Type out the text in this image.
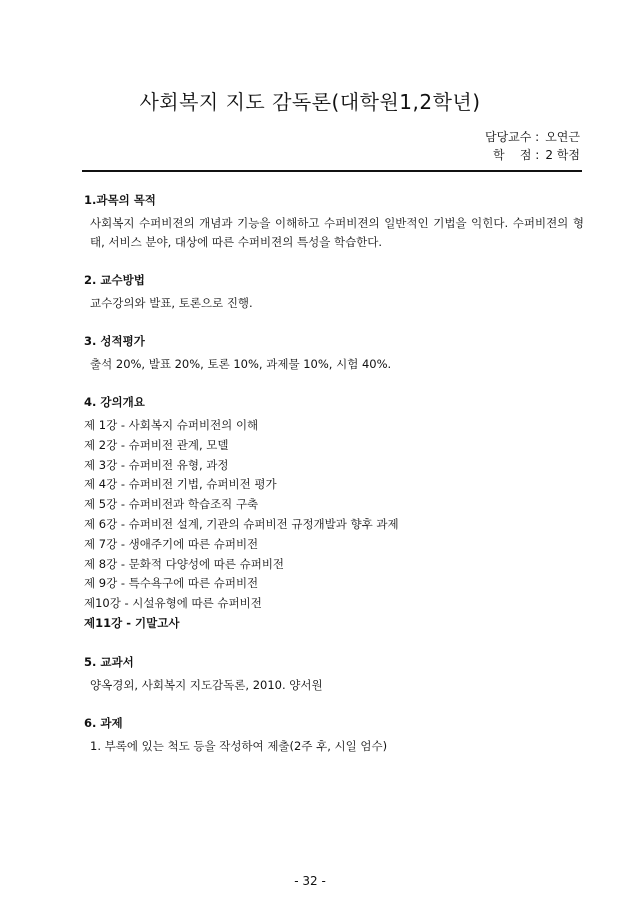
사회복지 지도 감독론(대학원1,2학년)
담당교수 : 오연근
학    점 : 2 학점
1.과목의 목적
사회복지 수퍼비젼의 개념과 기능을 이해하고 수퍼비젼의 일반적인 기법을 익힌다. 수퍼비젼의 형태, 서비스 분야, 대상에 따른 수퍼비젼의 특성을 학습한다.
2. 교수방법
교수강의와 발표, 토론으로 진행.
3. 성적평가
출석 20%, 발표 20%, 토론 10%, 과제물 10%, 시험 40%.
4. 강의개요
제 1강 - 사회복지 슈퍼비전의 이해
제 2강 - 슈퍼비전 관계, 모델
제 3강 - 슈퍼비전 유형, 과정
제 4강 - 슈퍼비전 기법, 슈퍼비전 평가
제 5강 - 슈퍼비전과 학습조직 구축
제 6강 - 슈퍼비전 설계, 기관의 슈퍼비전 규정개발과 향후 과제
제 7강 - 생애주기에 따른 슈퍼비전
제 8강 - 문화적 다양성에 따른 슈퍼비전
제 9강 - 특수욕구에 따른 슈퍼비전
제10강 - 시설유형에 따른 슈퍼비전
제11강 - 기말고사
5. 교과서
양옥경외, 사회복지 지도감독론, 2010. 양서원
6. 과제
1. 부록에 있는 척도 등을 작성하여 제출(2주 후, 시일 엄수)
- 32 -
